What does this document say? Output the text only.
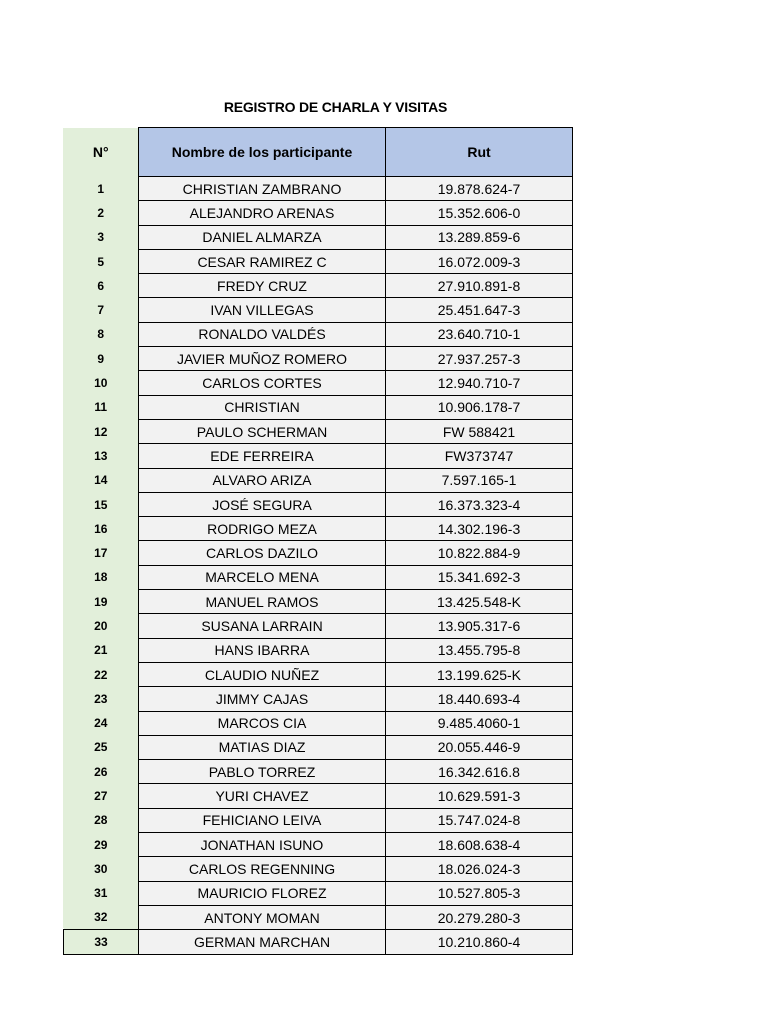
REGISTRO DE CHARLA Y VISITAS
N°	Nombre de los participante	Rut
1	CHRISTIAN ZAMBRANO	19.878.624-7
2	ALEJANDRO ARENAS	15.352.606-0
3	DANIEL ALMARZA	13.289.859-6
5	CESAR RAMIREZ C	16.072.009-3
6	FREDY CRUZ	27.910.891-8
7	IVAN VILLEGAS	25.451.647-3
8	RONALDO VALDÉS	23.640.710-1
9	JAVIER MUÑOZ ROMERO	27.937.257-3
10	CARLOS CORTES	12.940.710-7
11	CHRISTIAN	10.906.178-7
12	PAULO SCHERMAN	FW 588421
13	EDE FERREIRA	FW373747
14	ALVARO ARIZA	7.597.165-1
15	JOSÉ SEGURA	16.373.323-4
16	RODRIGO MEZA	14.302.196-3
17	CARLOS DAZILO	10.822.884-9
18	MARCELO MENA	15.341.692-3
19	MANUEL RAMOS	13.425.548-K
20	SUSANA LARRAIN	13.905.317-6
21	HANS IBARRA	13.455.795-8
22	CLAUDIO NUÑEZ	13.199.625-K
23	JIMMY CAJAS	18.440.693-4
24	MARCOS CIA	9.485.4060-1
25	MATIAS DIAZ	20.055.446-9
26	PABLO TORREZ	16.342.616.8
27	YURI CHAVEZ	10.629.591-3
28	FEHICIANO LEIVA	15.747.024-8
29	JONATHAN ISUNO	18.608.638-4
30	CARLOS REGENNING	18.026.024-3
31	MAURICIO FLOREZ	10.527.805-3
32	ANTONY MOMAN	20.279.280-3
33	GERMAN MARCHAN	10.210.860-4
